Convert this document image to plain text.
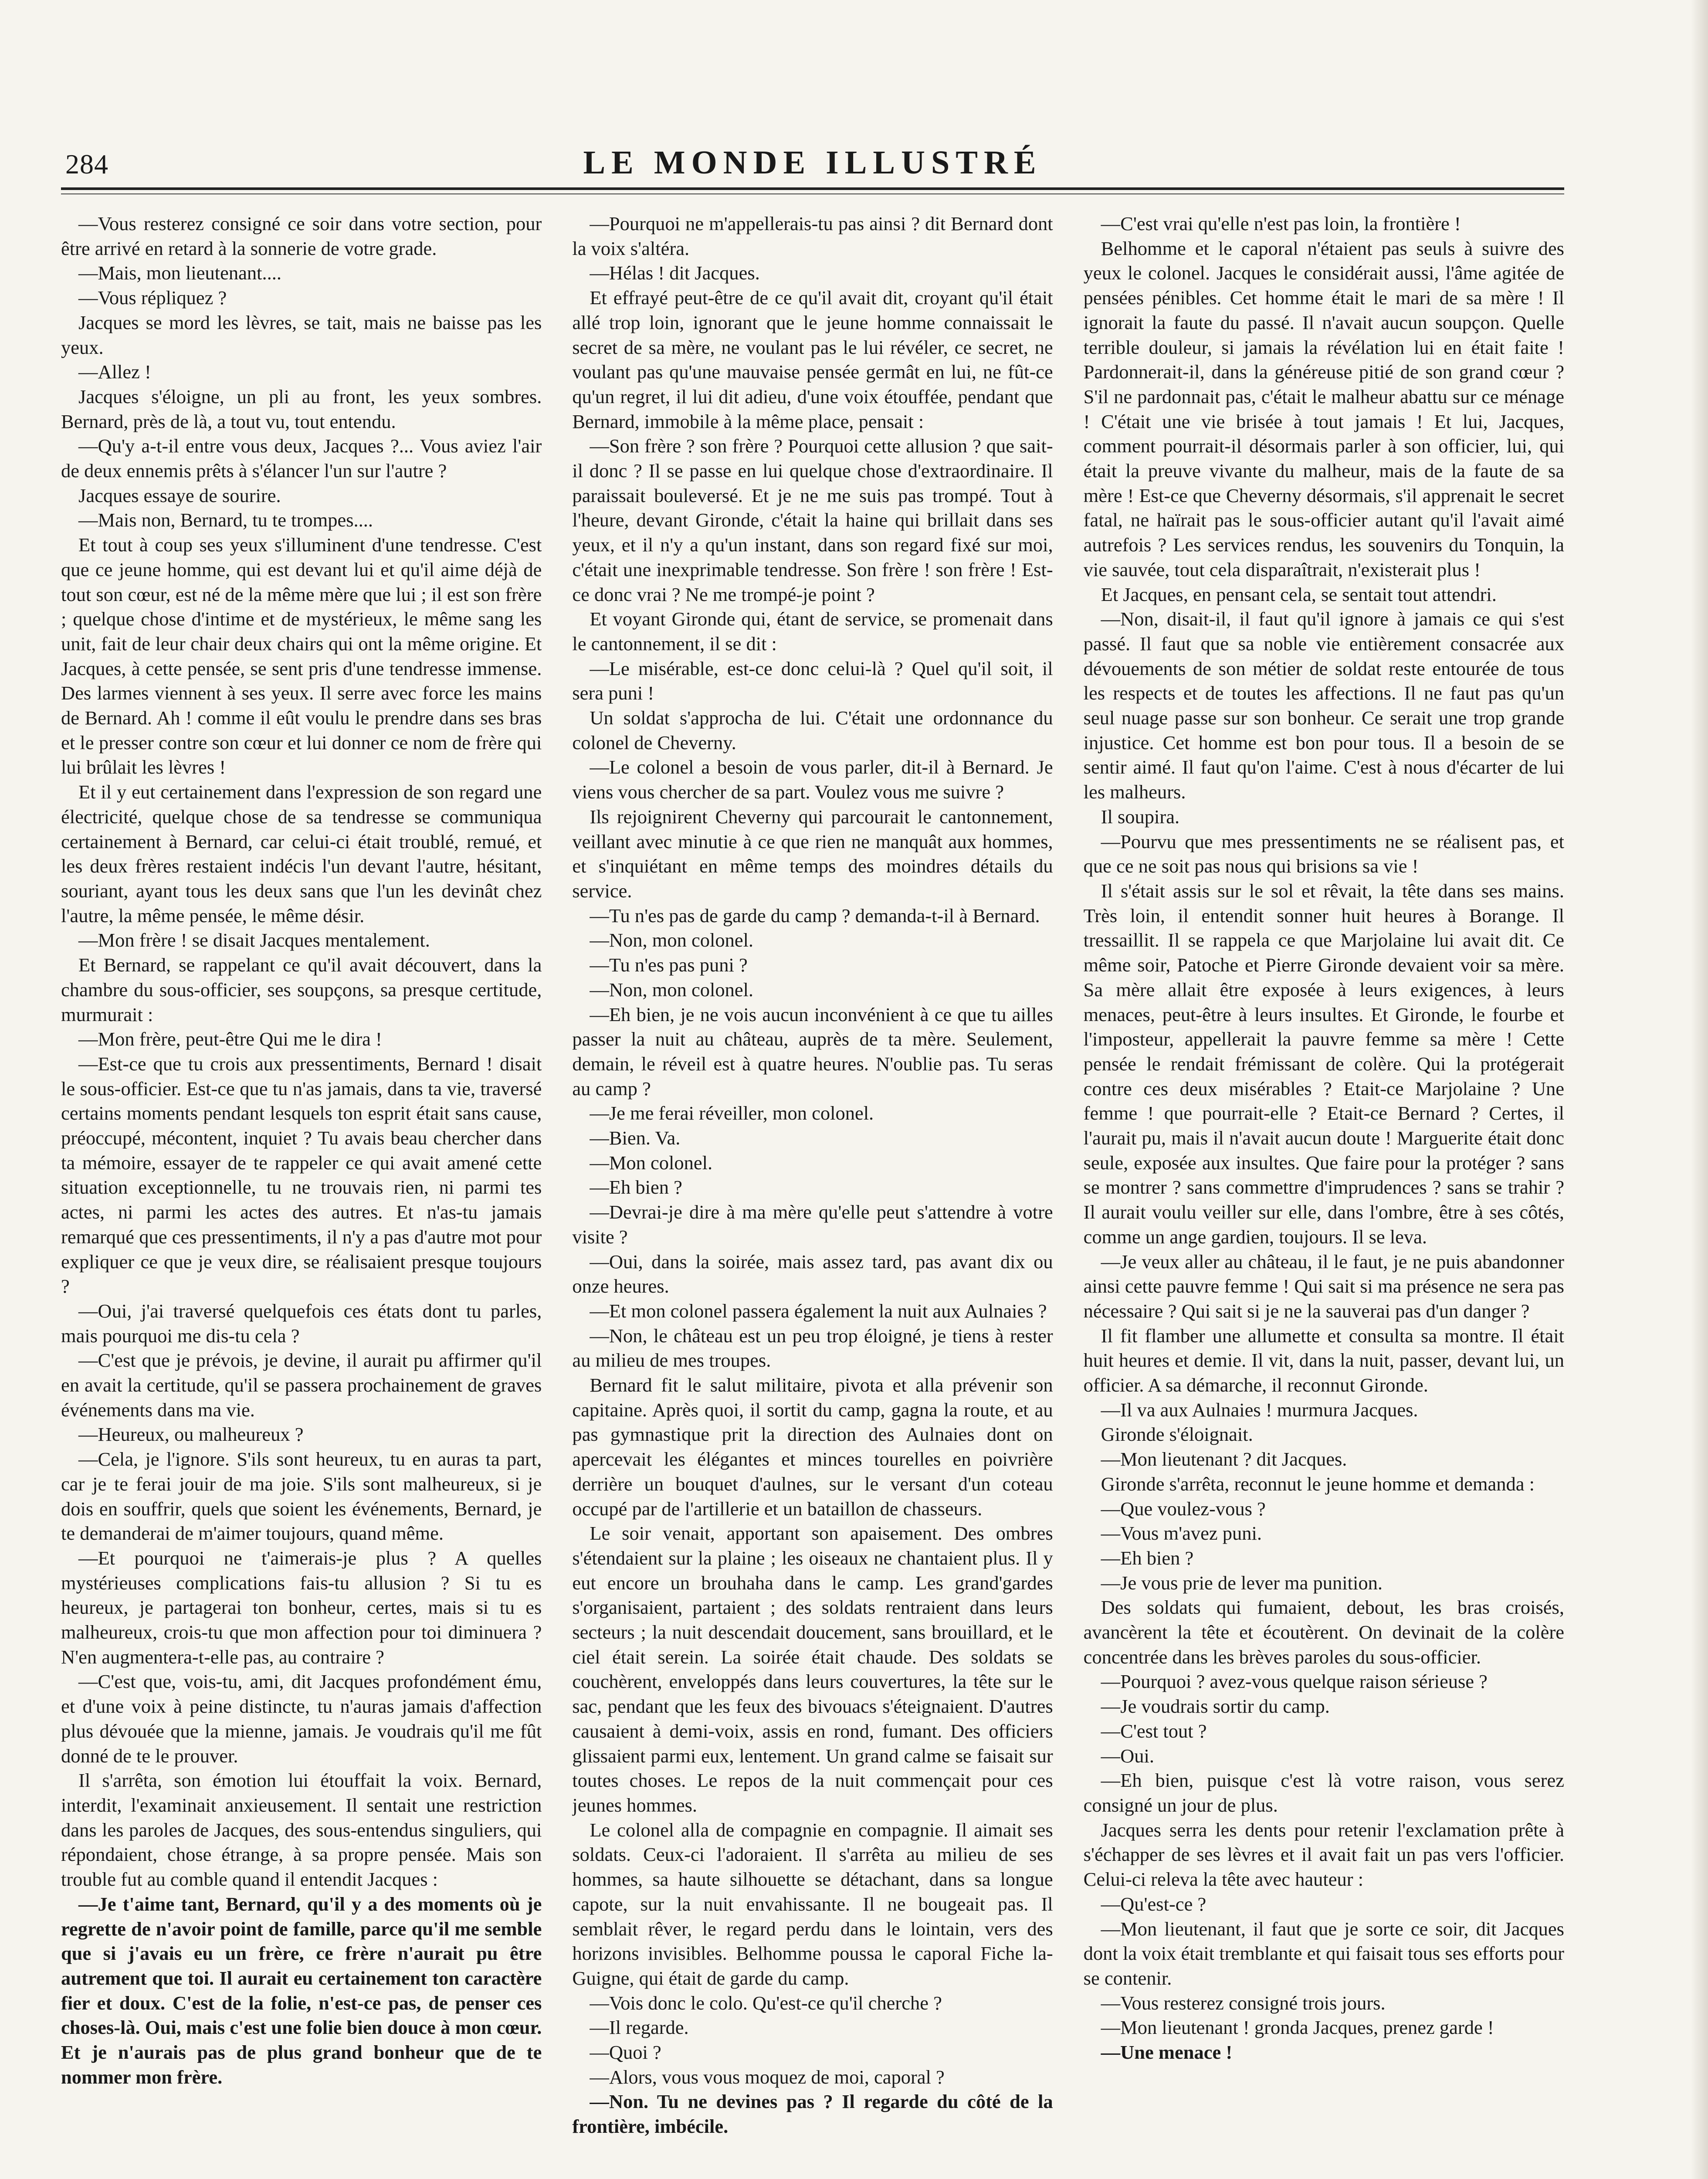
284	LE MONDE ILLUSTRÉ

—Vous resterez consigné ce soir dans votre section, pour être arrivé en retard à la sonnerie de votre grade.

—Mais, mon lieutenant....

—Vous répliquez ?

Jacques se mord les lèvres, se tait, mais ne baisse pas les yeux.

—Allez !

Jacques s'éloigne, un pli au front, les yeux sombres. Bernard, près de là, a tout vu, tout entendu.

—Qu'y a-t-il entre vous deux, Jacques ?... Vous aviez l'air de deux ennemis prêts à s'élancer l'un sur l'autre ?

Jacques essaye de sourire.

—Mais non, Bernard, tu te trompes....

Et tout à coup ses yeux s'illuminent d'une tendresse. C'est que ce jeune homme, qui est devant lui et qu'il aime déjà de tout son cœur, est né de la même mère que lui ; il est son frère ; quelque chose d'intime et de mystérieux, le même sang les unit, fait de leur chair deux chairs qui ont la même origine. Et Jacques, à cette pensée, se sent pris d'une tendresse immense. Des larmes viennent à ses yeux. Il serre avec force les mains de Bernard. Ah ! comme il eût voulu le prendre dans ses bras et le presser contre son cœur et lui donner ce nom de frère qui lui brûlait les lèvres !

Et il y eut certainement dans l'expression de son regard une électricité, quelque chose de sa tendresse se communiqua certainement à Bernard, car celui-ci était troublé, remué, et les deux frères restaient indécis l'un devant l'autre, hésitant, souriant, ayant tous les deux sans que l'un les devinât chez l'autre, la même pensée, le même désir.

—Mon frère ! se disait Jacques mentalement.

Et Bernard, se rappelant ce qu'il avait découvert, dans la chambre du sous-officier, ses soupçons, sa presque certitude, murmurait :

—Mon frère, peut-être Qui me le dira !

—Est-ce que tu crois aux pressentiments, Bernard ! disait le sous-officier. Est-ce que tu n'as jamais, dans ta vie, traversé certains moments pendant lesquels ton esprit était sans cause, préoccupé, mécontent, inquiet ? Tu avais beau chercher dans ta mémoire, essayer de te rappeler ce qui avait amené cette situation exceptionnelle, tu ne trouvais rien, ni parmi tes actes, ni parmi les actes des autres. Et n'as-tu jamais remarqué que ces pressentiments, il n'y a pas d'autre mot pour expliquer ce que je veux dire, se réalisaient presque toujours ?

—Oui, j'ai traversé quelquefois ces états dont tu parles, mais pourquoi me dis-tu cela ?

—C'est que je prévois, je devine, il aurait pu affirmer qu'il en avait la certitude, qu'il se passera prochainement de graves événements dans ma vie.

—Heureux, ou malheureux ?

—Cela, je l'ignore. S'ils sont heureux, tu en auras ta part, car je te ferai jouir de ma joie. S'ils sont malheureux, si je dois en souffrir, quels que soient les événements, Bernard, je te demanderai de m'aimer toujours, quand même.

—Et pourquoi ne t'aimerais-je plus ? A quelles mystérieuses complications fais-tu allusion ? Si tu es heureux, je partagerai ton bonheur, certes, mais si tu es malheureux, crois-tu que mon affection pour toi diminuera ? N'en augmentera-t-elle pas, au contraire ?

—C'est que, vois-tu, ami, dit Jacques profondément ému, et d'une voix à peine distincte, tu n'auras jamais d'affection plus dévouée que la mienne, jamais. Je voudrais qu'il me fût donné de te le prouver.

Il s'arrêta, son émotion lui étouffait la voix. Bernard, interdit, l'examinait anxieusement. Il sentait une restriction dans les paroles de Jacques, des sous-entendus singuliers, qui répondaient, chose étrange, à sa propre pensée. Mais son trouble fut au comble quand il entendit Jacques :

—Je t'aime tant, Bernard, qu'il y a des moments où je regrette de n'avoir point de famille, parce qu'il me semble que si j'avais eu un frère, ce frère n'aurait pu être autrement que toi. Il aurait eu certainement ton caractère fier et doux. C'est de la folie, n'est-ce pas, de penser ces choses-là. Oui, mais c'est une folie bien douce à mon cœur. Et je n'aurais pas de plus grand bonheur que de te nommer mon frère.

—Pourquoi ne m'appellerais-tu pas ainsi ? dit Bernard dont la voix s'altéra.

—Hélas ! dit Jacques.

Et effrayé peut-être de ce qu'il avait dit, croyant qu'il était allé trop loin, ignorant que le jeune homme connaissait le secret de sa mère, ne voulant pas le lui révéler, ce secret, ne voulant pas qu'une mauvaise pensée germât en lui, ne fût-ce qu'un regret, il lui dit adieu, d'une voix étouffée, pendant que Bernard, immobile à la même place, pensait :

—Son frère ? son frère ? Pourquoi cette allusion ? que sait-il donc ? Il se passe en lui quelque chose d'extraordinaire. Il paraissait bouleversé. Et je ne me suis pas trompé. Tout à l'heure, devant Gironde, c'était la haine qui brillait dans ses yeux, et il n'y a qu'un instant, dans son regard fixé sur moi, c'était une inexprimable tendresse. Son frère ! son frère ! Est-ce donc vrai ? Ne me trompé-je point ?

Et voyant Gironde qui, étant de service, se promenait dans le cantonnement, il se dit :

—Le misérable, est-ce donc celui-là ? Quel qu'il soit, il sera puni !

Un soldat s'approcha de lui. C'était une ordonnance du colonel de Cheverny.

—Le colonel a besoin de vous parler, dit-il à Bernard. Je viens vous chercher de sa part. Voulez vous me suivre ?

Ils rejoignirent Cheverny qui parcourait le cantonnement, veillant avec minutie à ce que rien ne manquât aux hommes, et s'inquiétant en même temps des moindres détails du service.

—Tu n'es pas de garde du camp ? demanda-t-il à Bernard.

—Non, mon colonel.

—Tu n'es pas puni ?

—Non, mon colonel.

—Eh bien, je ne vois aucun inconvénient à ce que tu ailles passer la nuit au château, auprès de ta mère. Seulement, demain, le réveil est à quatre heures. N'oublie pas. Tu seras au camp ?

—Je me ferai réveiller, mon colonel.

—Bien. Va.

—Mon colonel.

—Eh bien ?

—Devrai-je dire à ma mère qu'elle peut s'attendre à votre visite ?

—Oui, dans la soirée, mais assez tard, pas avant dix ou onze heures.

—Et mon colonel passera également la nuit aux Aulnaies ?

—Non, le château est un peu trop éloigné, je tiens à rester au milieu de mes troupes.

Bernard fit le salut militaire, pivota et alla prévenir son capitaine. Après quoi, il sortit du camp, gagna la route, et au pas gymnastique prit la direction des Aulnaies dont on apercevait les élégantes et minces tourelles en poivrière derrière un bouquet d'aulnes, sur le versant d'un coteau occupé par de l'artillerie et un bataillon de chasseurs.

Le soir venait, apportant son apaisement. Des ombres s'étendaient sur la plaine ; les oiseaux ne chantaient plus. Il y eut encore un brouhaha dans le camp. Les grand'gardes s'organisaient, partaient ; des soldats rentraient dans leurs secteurs ; la nuit descendait doucement, sans brouillard, et le ciel était serein. La soirée était chaude. Des soldats se couchèrent, enveloppés dans leurs couvertures, la tête sur le sac, pendant que les feux des bivouacs s'éteignaient. D'autres causaient à demi-voix, assis en rond, fumant. Des officiers glissaient parmi eux, lentement. Un grand calme se faisait sur toutes choses. Le repos de la nuit commençait pour ces jeunes hommes.

Le colonel alla de compagnie en compagnie. Il aimait ses soldats. Ceux-ci l'adoraient. Il s'arrêta au milieu de ses hommes, sa haute silhouette se détachant, dans sa longue capote, sur la nuit envahissante. Il ne bougeait pas. Il semblait rêver, le regard perdu dans le lointain, vers des horizons invisibles. Belhomme poussa le caporal Fiche la-Guigne, qui était de garde du camp.

—Vois donc le colo. Qu'est-ce qu'il cherche ?

—Il regarde.

—Quoi ?

—Alors, vous vous moquez de moi, caporal ?

—Non. Tu ne devines pas ? Il regarde du côté de la frontière, imbécile.

—C'est vrai qu'elle n'est pas loin, la frontière !

Belhomme et le caporal n'étaient pas seuls à suivre des yeux le colonel. Jacques le considérait aussi, l'âme agitée de pensées pénibles. Cet homme était le mari de sa mère ! Il ignorait la faute du passé. Il n'avait aucun soupçon. Quelle terrible douleur, si jamais la révélation lui en était faite ! Pardonnerait-il, dans la généreuse pitié de son grand cœur ? S'il ne pardonnait pas, c'était le malheur abattu sur ce ménage ! C'était une vie brisée à tout jamais ! Et lui, Jacques, comment pourrait-il désormais parler à son officier, lui, qui était la preuve vivante du malheur, mais de la faute de sa mère ! Est-ce que Cheverny désormais, s'il apprenait le secret fatal, ne haïrait pas le sous-officier autant qu'il l'avait aimé autrefois ? Les services rendus, les souvenirs du Tonquin, la vie sauvée, tout cela disparaîtrait, n'existerait plus !

Et Jacques, en pensant cela, se sentait tout attendri.

—Non, disait-il, il faut qu'il ignore à jamais ce qui s'est passé. Il faut que sa noble vie entièrement consacrée aux dévouements de son métier de soldat reste entourée de tous les respects et de toutes les affections. Il ne faut pas qu'un seul nuage passe sur son bonheur. Ce serait une trop grande injustice. Cet homme est bon pour tous. Il a besoin de se sentir aimé. Il faut qu'on l'aime. C'est à nous d'écarter de lui les malheurs.

Il soupira.

—Pourvu que mes pressentiments ne se réalisent pas, et que ce ne soit pas nous qui brisions sa vie !

Il s'était assis sur le sol et rêvait, la tête dans ses mains. Très loin, il entendit sonner huit heures à Borange. Il tressaillit. Il se rappela ce que Marjolaine lui avait dit. Ce même soir, Patoche et Pierre Gironde devaient voir sa mère. Sa mère allait être exposée à leurs exigences, à leurs menaces, peut-être à leurs insultes. Et Gironde, le fourbe et l'imposteur, appellerait la pauvre femme sa mère ! Cette pensée le rendait frémissant de colère. Qui la protégerait contre ces deux misérables ? Etait-ce Marjolaine ? Une femme ! que pourrait-elle ? Etait-ce Bernard ? Certes, il l'aurait pu, mais il n'avait aucun doute ! Marguerite était donc seule, exposée aux insultes. Que faire pour la protéger ? sans se montrer ? sans commettre d'imprudences ? sans se trahir ? Il aurait voulu veiller sur elle, dans l'ombre, être à ses côtés, comme un ange gardien, toujours. Il se leva.

—Je veux aller au château, il le faut, je ne puis abandonner ainsi cette pauvre femme ! Qui sait si ma présence ne sera pas nécessaire ? Qui sait si je ne la sauverai pas d'un danger ?

Il fit flamber une allumette et consulta sa montre. Il était huit heures et demie. Il vit, dans la nuit, passer, devant lui, un officier. A sa démarche, il reconnut Gironde.

—Il va aux Aulnaies ! murmura Jacques.

Gironde s'éloignait.

—Mon lieutenant ? dit Jacques.

Gironde s'arrêta, reconnut le jeune homme et demanda :

—Que voulez-vous ?

—Vous m'avez puni.

—Eh bien ?

—Je vous prie de lever ma punition.

Des soldats qui fumaient, debout, les bras croisés, avancèrent la tête et écoutèrent. On devinait de la colère concentrée dans les brèves paroles du sous-officier.

—Pourquoi ? avez-vous quelque raison sérieuse ?

—Je voudrais sortir du camp.

—C'est tout ?

—Oui.

—Eh bien, puisque c'est là votre raison, vous serez consigné un jour de plus.

Jacques serra les dents pour retenir l'exclamation prête à s'échapper de ses lèvres et il avait fait un pas vers l'officier. Celui-ci releva la tête avec hauteur :

—Qu'est-ce ?

—Mon lieutenant, il faut que je sorte ce soir, dit Jacques dont la voix était tremblante et qui faisait tous ses efforts pour se contenir.

—Vous resterez consigné trois jours.

—Mon lieutenant ! gronda Jacques, prenez garde !

—Une menace !
